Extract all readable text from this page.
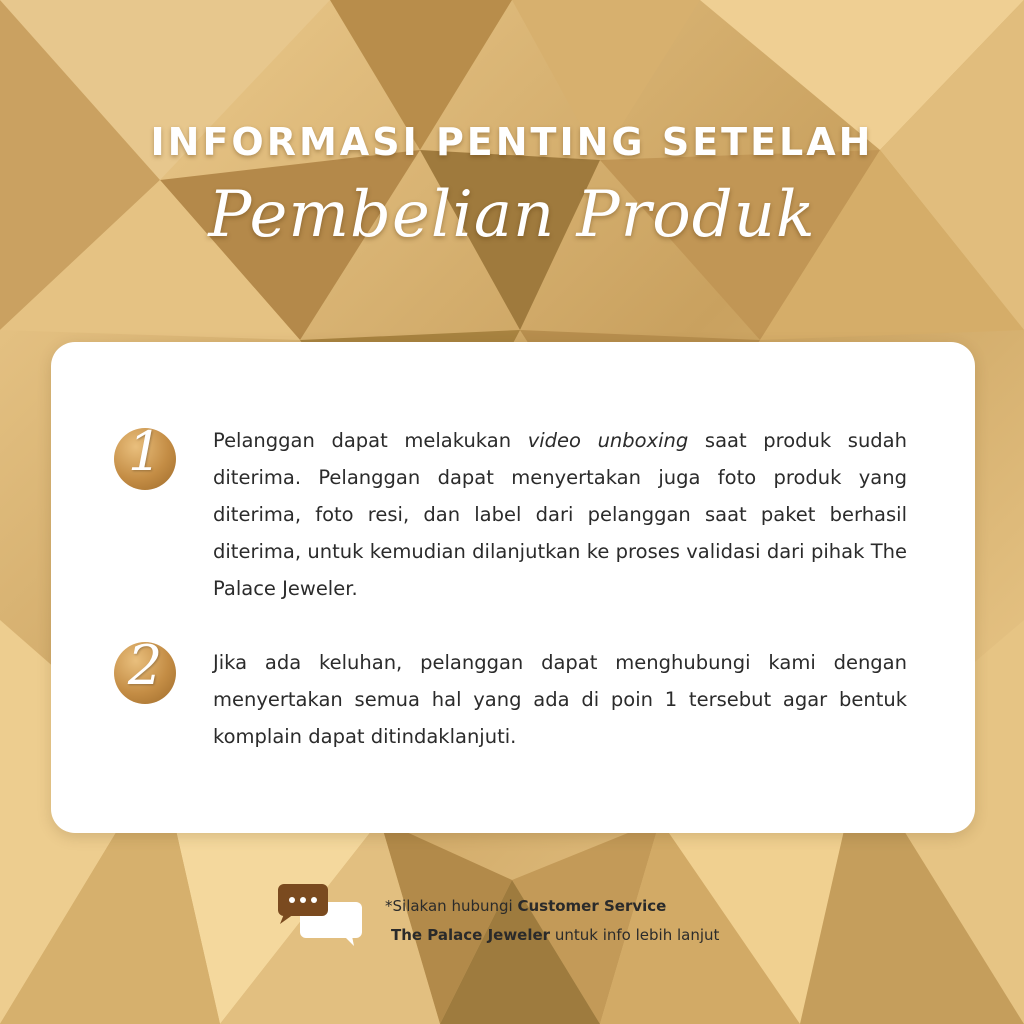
INFORMASI PENTING SETELAH
Pembelian Produk
1	Pelanggan dapat melakukan video unboxing saat produk sudah diterima. Pelanggan dapat menyertakan juga foto produk yang diterima, foto resi, dan label dari pelanggan saat paket berhasil diterima, untuk kemudian dilanjutkan ke proses validasi dari pihak The Palace Jeweler.
2	Jika ada keluhan, pelanggan dapat menghubungi kami dengan menyertakan semua hal yang ada di poin 1 tersebut agar bentuk komplain dapat ditindaklanjuti.
*Silakan hubungi Customer Service
The Palace Jeweler untuk info lebih lanjut
